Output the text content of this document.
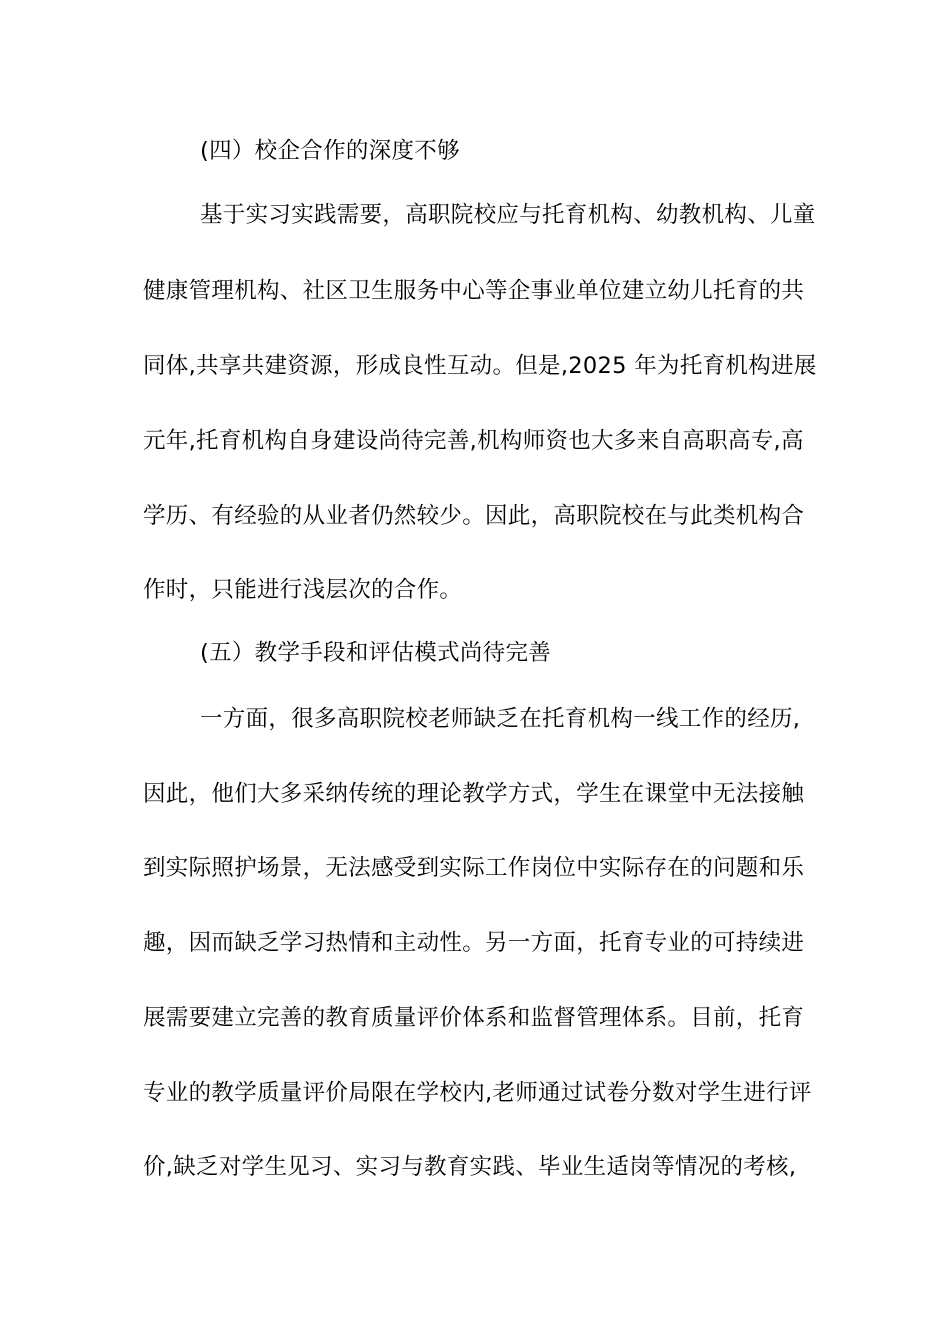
(四）校企合作的深度不够
基于实习实践需要，高职院校应与托育机构、幼教机构、儿童
健康管理机构、社区卫生服务中心等企事业单位建立幼儿托育的共
同体,共享共建资源，形成良性互动。但是,2025 年为托育机构进展
元年,托育机构自身建设尚待完善,机构师资也大多来自高职高专,高
学历、有经验的从业者仍然较少。因此，高职院校在与此类机构合
作时，只能进行浅层次的合作。
(五）教学手段和评估模式尚待完善
一方面，很多高职院校老师缺乏在托育机构一线工作的经历,
因此，他们大多采纳传统的理论教学方式，学生在课堂中无法接触
到实际照护场景，无法感受到实际工作岗位中实际存在的问题和乐
趣，因而缺乏学习热情和主动性。另一方面，托育专业的可持续进
展需要建立完善的教育质量评价体系和监督管理体系。目前，托育
专业的教学质量评价局限在学校内,老师通过试卷分数对学生进行评
价,缺乏对学生见习、实习与教育实践、毕业生适岗等情况的考核,
